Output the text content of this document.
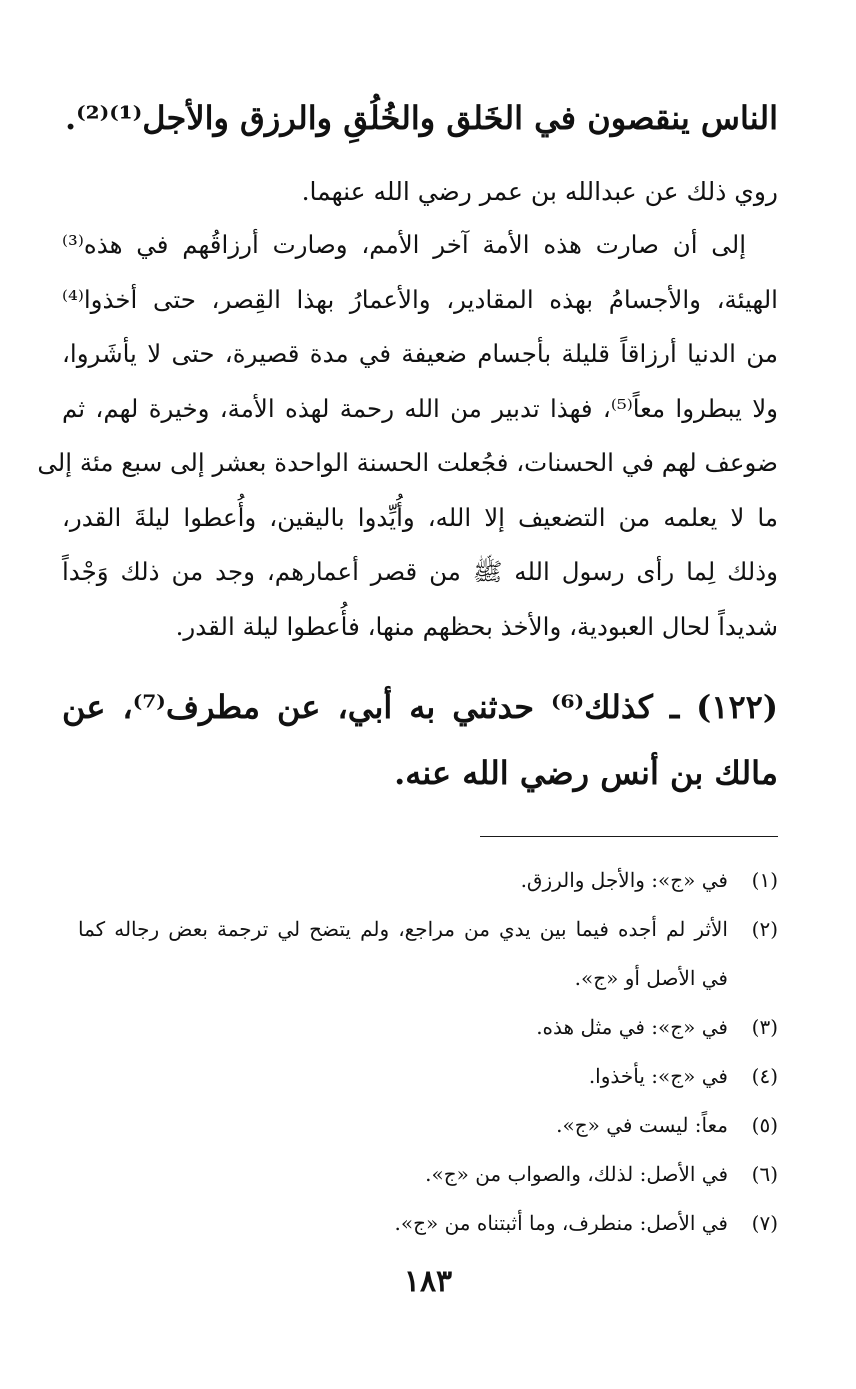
الناس ينقصون في الخَلق والخُلُقِ والرزق والأجل⁽¹⁾⁽²⁾.
روي ذلك عن عبدالله بن عمر رضي الله عنهما.
إلى أن صارت هذه الأمة آخر الأمم، وصارت أرزاقُهم في هذه⁽³⁾
الهيئة، والأجسامُ بهذه المقادير، والأعمارُ بهذا القِصر، حتى أخذوا⁽⁴⁾
من الدنيا أرزاقاً قليلة بأجسام ضعيفة في مدة قصيرة، حتى لا يأشَروا،
ولا يبطروا معاً⁽⁵⁾، فهذا تدبير من الله رحمة لهذه الأمة، وخيرة لهم، ثم
ضوعف لهم في الحسنات، فجُعلت الحسنة الواحدة بعشر إلى سبع مئة إلى
ما لا يعلمه من التضعيف إلا الله، وأُيِّدوا باليقين، وأُعطوا ليلةَ القدر،
وذلك لِما رأى رسول الله ﷺ من قصر أعمارهم، وجد من ذلك وَجْداً
شديداً لحال العبودية، والأخذ بحظهم منها، فأُعطوا ليلة القدر.
(١٢٢) ـ كذلك⁽⁶⁾ حدثني به أبي، عن مطرف⁽⁷⁾، عن
مالك بن أنس رضي الله عنه.
(١)
في «ج»: والأجل والرزق.
(٢)
الأثر لم أجده فيما بين يدي من مراجع، ولم يتضح لي ترجمة بعض رجاله كما
في الأصل أو «ج».
(٣)
في «ج»: في مثل هذه.
(٤)
في «ج»: يأخذوا.
(٥)
معاً: ليست في «ج».
(٦)
في الأصل: لذلك، والصواب من «ج».
(٧)
في الأصل: منطرف، وما أثبتناه من «ج».
١٨٣
